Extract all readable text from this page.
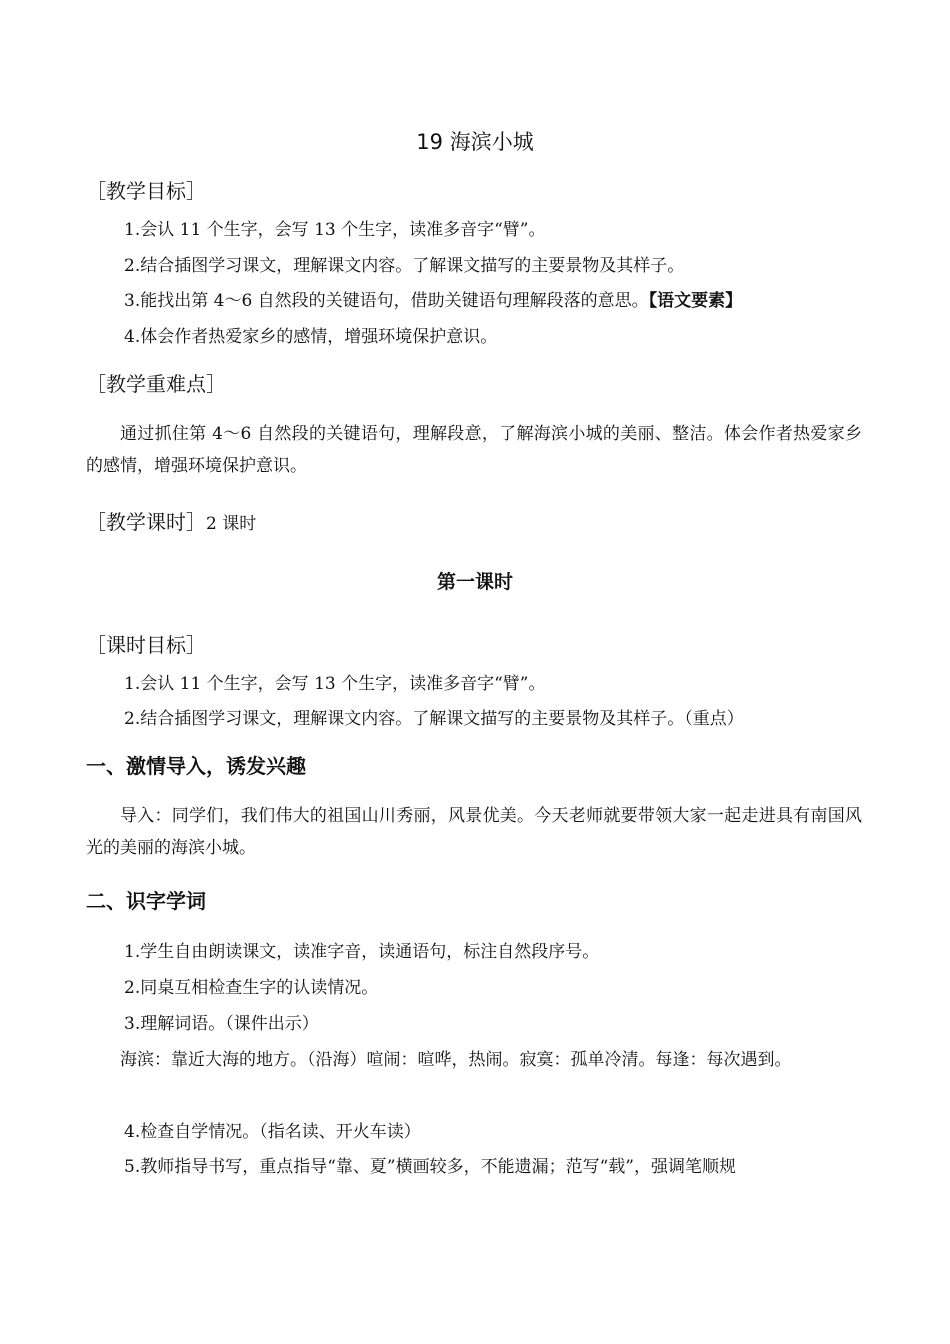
19 海滨小城
［教学目标］
1.会认 11 个生字，会写 13 个生字，读准多音字“臂”。
2.结合插图学习课文，理解课文内容。了解课文描写的主要景物及其样子。
3.能找出第 4～6 自然段的关键语句，借助关键语句理解段落的意思。【语文要素】
4.体会作者热爱家乡的感情，增强环境保护意识。
［教学重难点］
通过抓住第 4～6 自然段的关键语句，理解段意，了解海滨小城的美丽、整洁。体会作者热爱家乡的感情，增强环境保护意识。
［教学课时］2 课时
第一课时
［课时目标］
1.会认 11 个生字，会写 13 个生字，读准多音字“臂”。
2.结合插图学习课文，理解课文内容。了解课文描写的主要景物及其样子。（重点）
一、激情导入，诱发兴趣
导入：同学们，我们伟大的祖国山川秀丽，风景优美。今天老师就要带领大家一起走进具有南国风光的美丽的海滨小城。
二、识字学词
1.学生自由朗读课文，读准字音，读通语句，标注自然段序号。
2.同桌互相检查生字的认读情况。
3.理解词语。（课件出示）
海滨：靠近大海的地方。（沿海）喧闹：喧哗，热闹。寂寞：孤单冷清。每逢：每次遇到。
4.检查自学情况。（指名读、开火车读）
5.教师指导书写，重点指导“靠、夏”横画较多，不能遗漏；范写“载”，强调笔顺规
